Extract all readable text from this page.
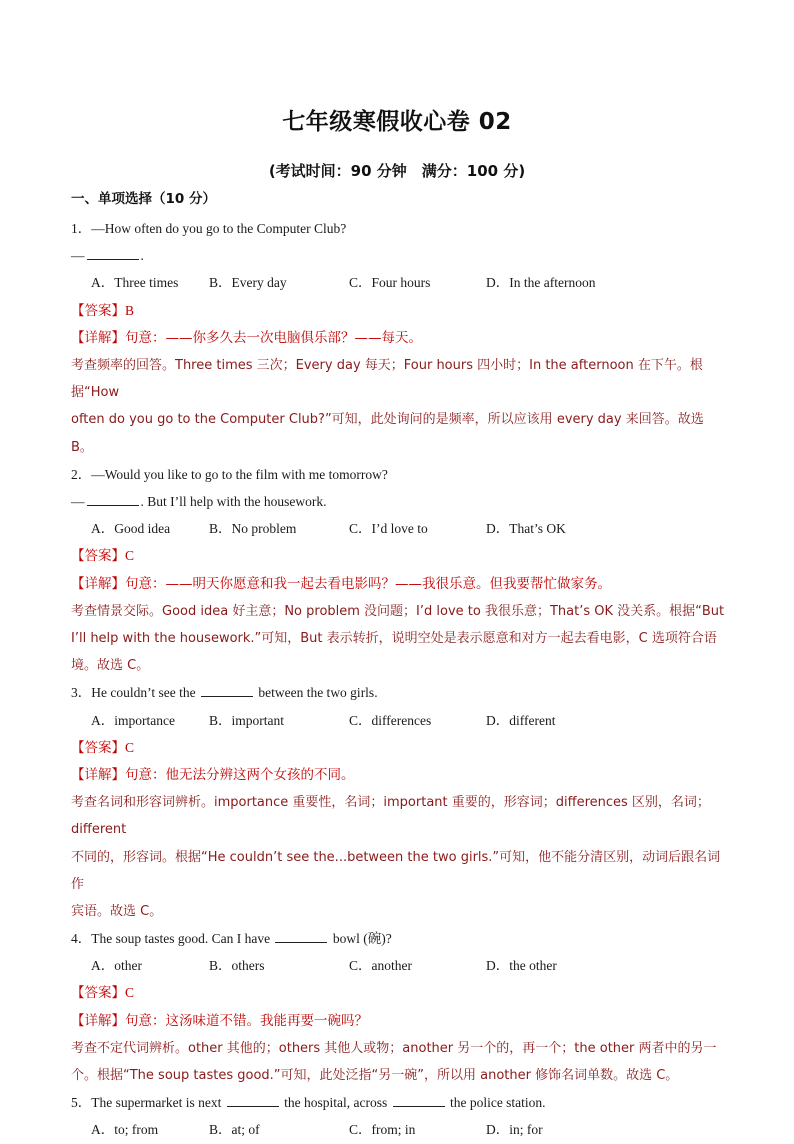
七年级寒假收心卷 02
(考试时间：90 分钟　满分：100 分)
一、单项选择（10 分）
1．—How often do you go to the Computer Club?
—	.
A．Three times B．Every day	C．Four hours	D．In the afternoon
【答案】B
【详解】句意：——你多久去一次电脑俱乐部？——每天。
考查频率的回答。Three times 三次；Every day 每天；Four hours 四小时；In the afternoon 在下午。根据“How
often do you go to the Computer Club?”可知，此处询问的是频率，所以应该用 every day 来回答。故选 B。
2．—Would you like to go to the film with me tomorrow?
—	. But I’ll help with the housework.
A．Good idea	B．No problem	C．I’d love to	D．That’s OK
【答案】C
【详解】句意：——明天你愿意和我一起去看电影吗？——我很乐意。但我要帮忙做家务。
考查情景交际。Good idea 好主意；No problem 没问题；I’d love to 我很乐意；That’s OK 没关系。根据“But
I’ll help with the housework.”可知，But 表示转折，说明空处是表示愿意和对方一起去看电影，C 选项符合语
境。故选 C。
3．He couldn’t see the	between the two girls.
A．importance	B．important	C．differences	D．different
【答案】C
【详解】句意：他无法分辨这两个女孩的不同。
考查名词和形容词辨析。importance 重要性，名词；important 重要的，形容词；differences 区别，名词；different
不同的，形容词。根据“He couldn’t see the...between the two girls.”可知，他不能分清区别，动词后跟名词作
宾语。故选 C。
4．The soup tastes good. Can I have	bowl (碗)?
A．other	B．others	C．another	D．the other
【答案】C
【详解】句意：这汤味道不错。我能再要一碗吗？
考查不定代词辨析。other 其他的；others 其他人或物；another 另一个的，再一个；the other 两者中的另一
个。根据“The soup tastes good.”可知，此处泛指“另一碗”，所以用 another 修饰名词单数。故选 C。
5．The supermarket is next	the hospital, across	the police station.
A．to; from	B．at; of	C．from; in	D．in; for
